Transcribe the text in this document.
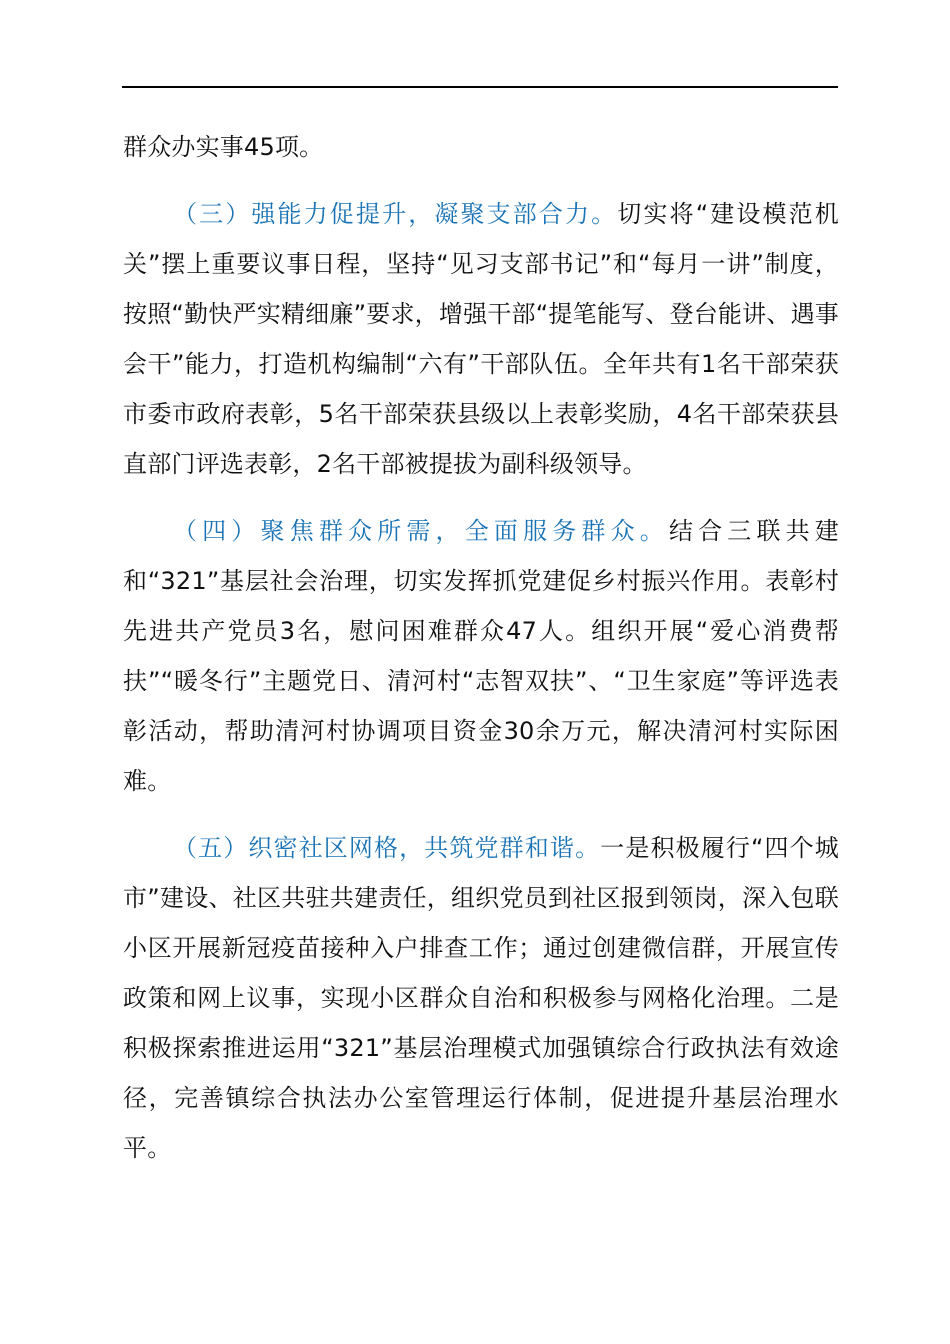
群众办实事45项。

（三）强能力促提升，凝聚支部合力。切实将“建设模范机关”摆上重要议事日程，坚持“见习支部书记”和“每月一讲”制度，按照“勤快严实精细廉”要求，增强干部“提笔能写、登台能讲、遇事会干”能力，打造机构编制“六有”干部队伍。全年共有1名干部荣获市委市政府表彰，5名干部荣获县级以上表彰奖励，4名干部荣获县直部门评选表彰，2名干部被提拔为副科级领导。

（四）聚焦群众所需，全面服务群众。结合三联共建和“321”基层社会治理，切实发挥抓党建促乡村振兴作用。表彰村先进共产党员3名，慰问困难群众47人。组织开展“爱心消费帮扶”“暖冬行”主题党日、清河村“志智双扶”、“卫生家庭”等评选表彰活动，帮助清河村协调项目资金30余万元，解决清河村实际困难。

（五）织密社区网格，共筑党群和谐。一是积极履行“四个城市”建设、社区共驻共建责任，组织党员到社区报到领岗，深入包联小区开展新冠疫苗接种入户排查工作；通过创建微信群，开展宣传政策和网上议事，实现小区群众自治和积极参与网格化治理。二是积极探索推进运用“321”基层治理模式加强镇综合行政执法有效途径，完善镇综合执法办公室管理运行体制，促进提升基层治理水平。
